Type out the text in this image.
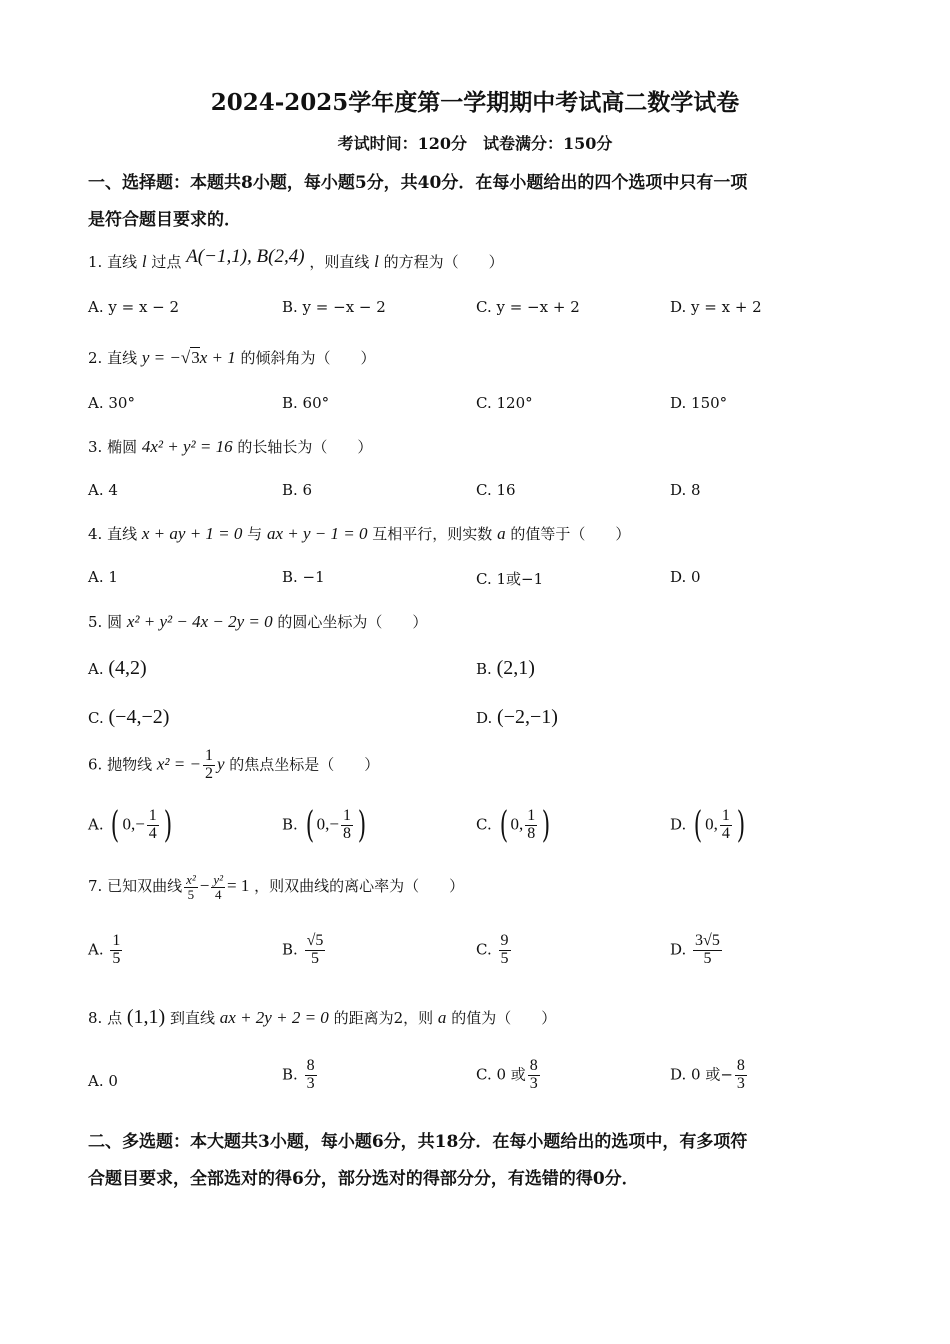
2024-2025学年度第一学期期中考试高二数学试卷
考试时间：120分　试卷满分：150分
一、选择题：本题共8小题，每小题5分，共40分．在每小题给出的四个选项中只有一项
是符合题目要求的．
1. 直线 l 过点 A(−1,1), B(2,4) ，则直线 l 的方程为（　　）
A. y = x − 2	B. y = −x − 2	C. y = −x + 2	D. y = x + 2
2. 直线 y = −√3x + 1 的倾斜角为（　　）
A. 30°	B. 60°	C. 120°	D. 150°
3. 椭圆 4x² + y² = 16 的长轴长为（　　）
A. 4	B. 6	C. 16	D. 8
4. 直线 x + ay + 1 = 0 与 ax + y − 1 = 0 互相平行，则实数 a 的值等于（　　）
A. 1	B. −1	C. 1或−1	D. 0
5. 圆 x² + y² − 4x − 2y = 0 的圆心坐标为（　　）
A. (4,2)	B. (2,1)
C. (−4,−2)	D. (−2,−1)
6. 抛物线 x² = − $\frac{1}{2}$ y 的焦点坐标是（　　）
A. ( $0,- \frac{1}{4}$ )	B. ( $0,- \frac{1}{8}$ )	C. ( 0, $\frac{1}{8}$ )	D. ( 0, $\frac{1}{4}$ )
7. 已知双曲线 $\frac{\text{x²}}{5} - \frac{\text{y²}}{4} = 1$ ，则双曲线的离心率为（　　）
A. $\frac{1}{5}$	B. $\frac{√5}{5}$	C. $\frac{9}{5}$	D. $\frac{3√5}{5}$
8. 点 (1,1) 到直线 ax + 2y + 2 = 0 的距离为2，则 a 的值为（　　）
A. 0	B. $\frac{8}{3}$	C. 0 或 $\frac{8}{3}$	D. 0 或− $\frac{8}{3}$
二、多选题：本大题共3小题，每小题6分，共18分．在每小题给出的选项中，有多项符
合题目要求，全部选对的得6分，部分选对的得部分分，有选错的得0分．
